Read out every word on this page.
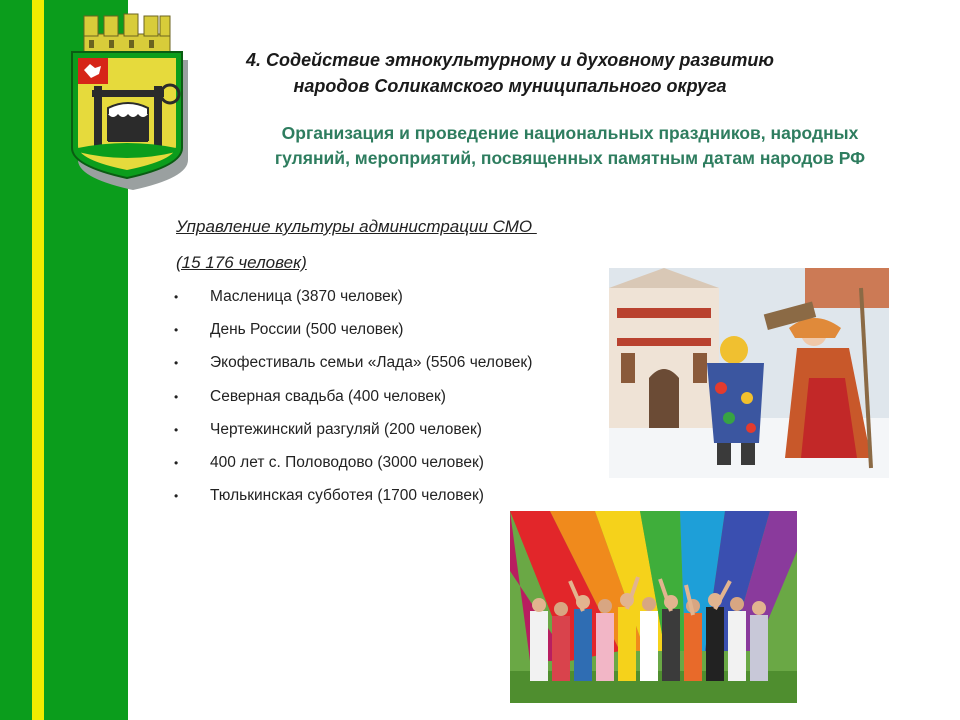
4. Содействие этнокультурному и духовному развитию
народов Соликамского муниципального округа
Организация и проведение национальных праздников, народных
гуляний, мероприятий, посвященных памятным датам народов РФ
Управление культуры администрации СМО
(15 176 человек)
• Масленица (3870 человек)
• День России (500 человек)
• Экофестиваль семьи «Лада» (5506 человек)
• Северная свадьба (400 человек)
• Чертежинский разгуляй (200 человек)
• 400 лет с. Половодово (3000 человек)
• Тюлькинская субботея (1700 человек)
